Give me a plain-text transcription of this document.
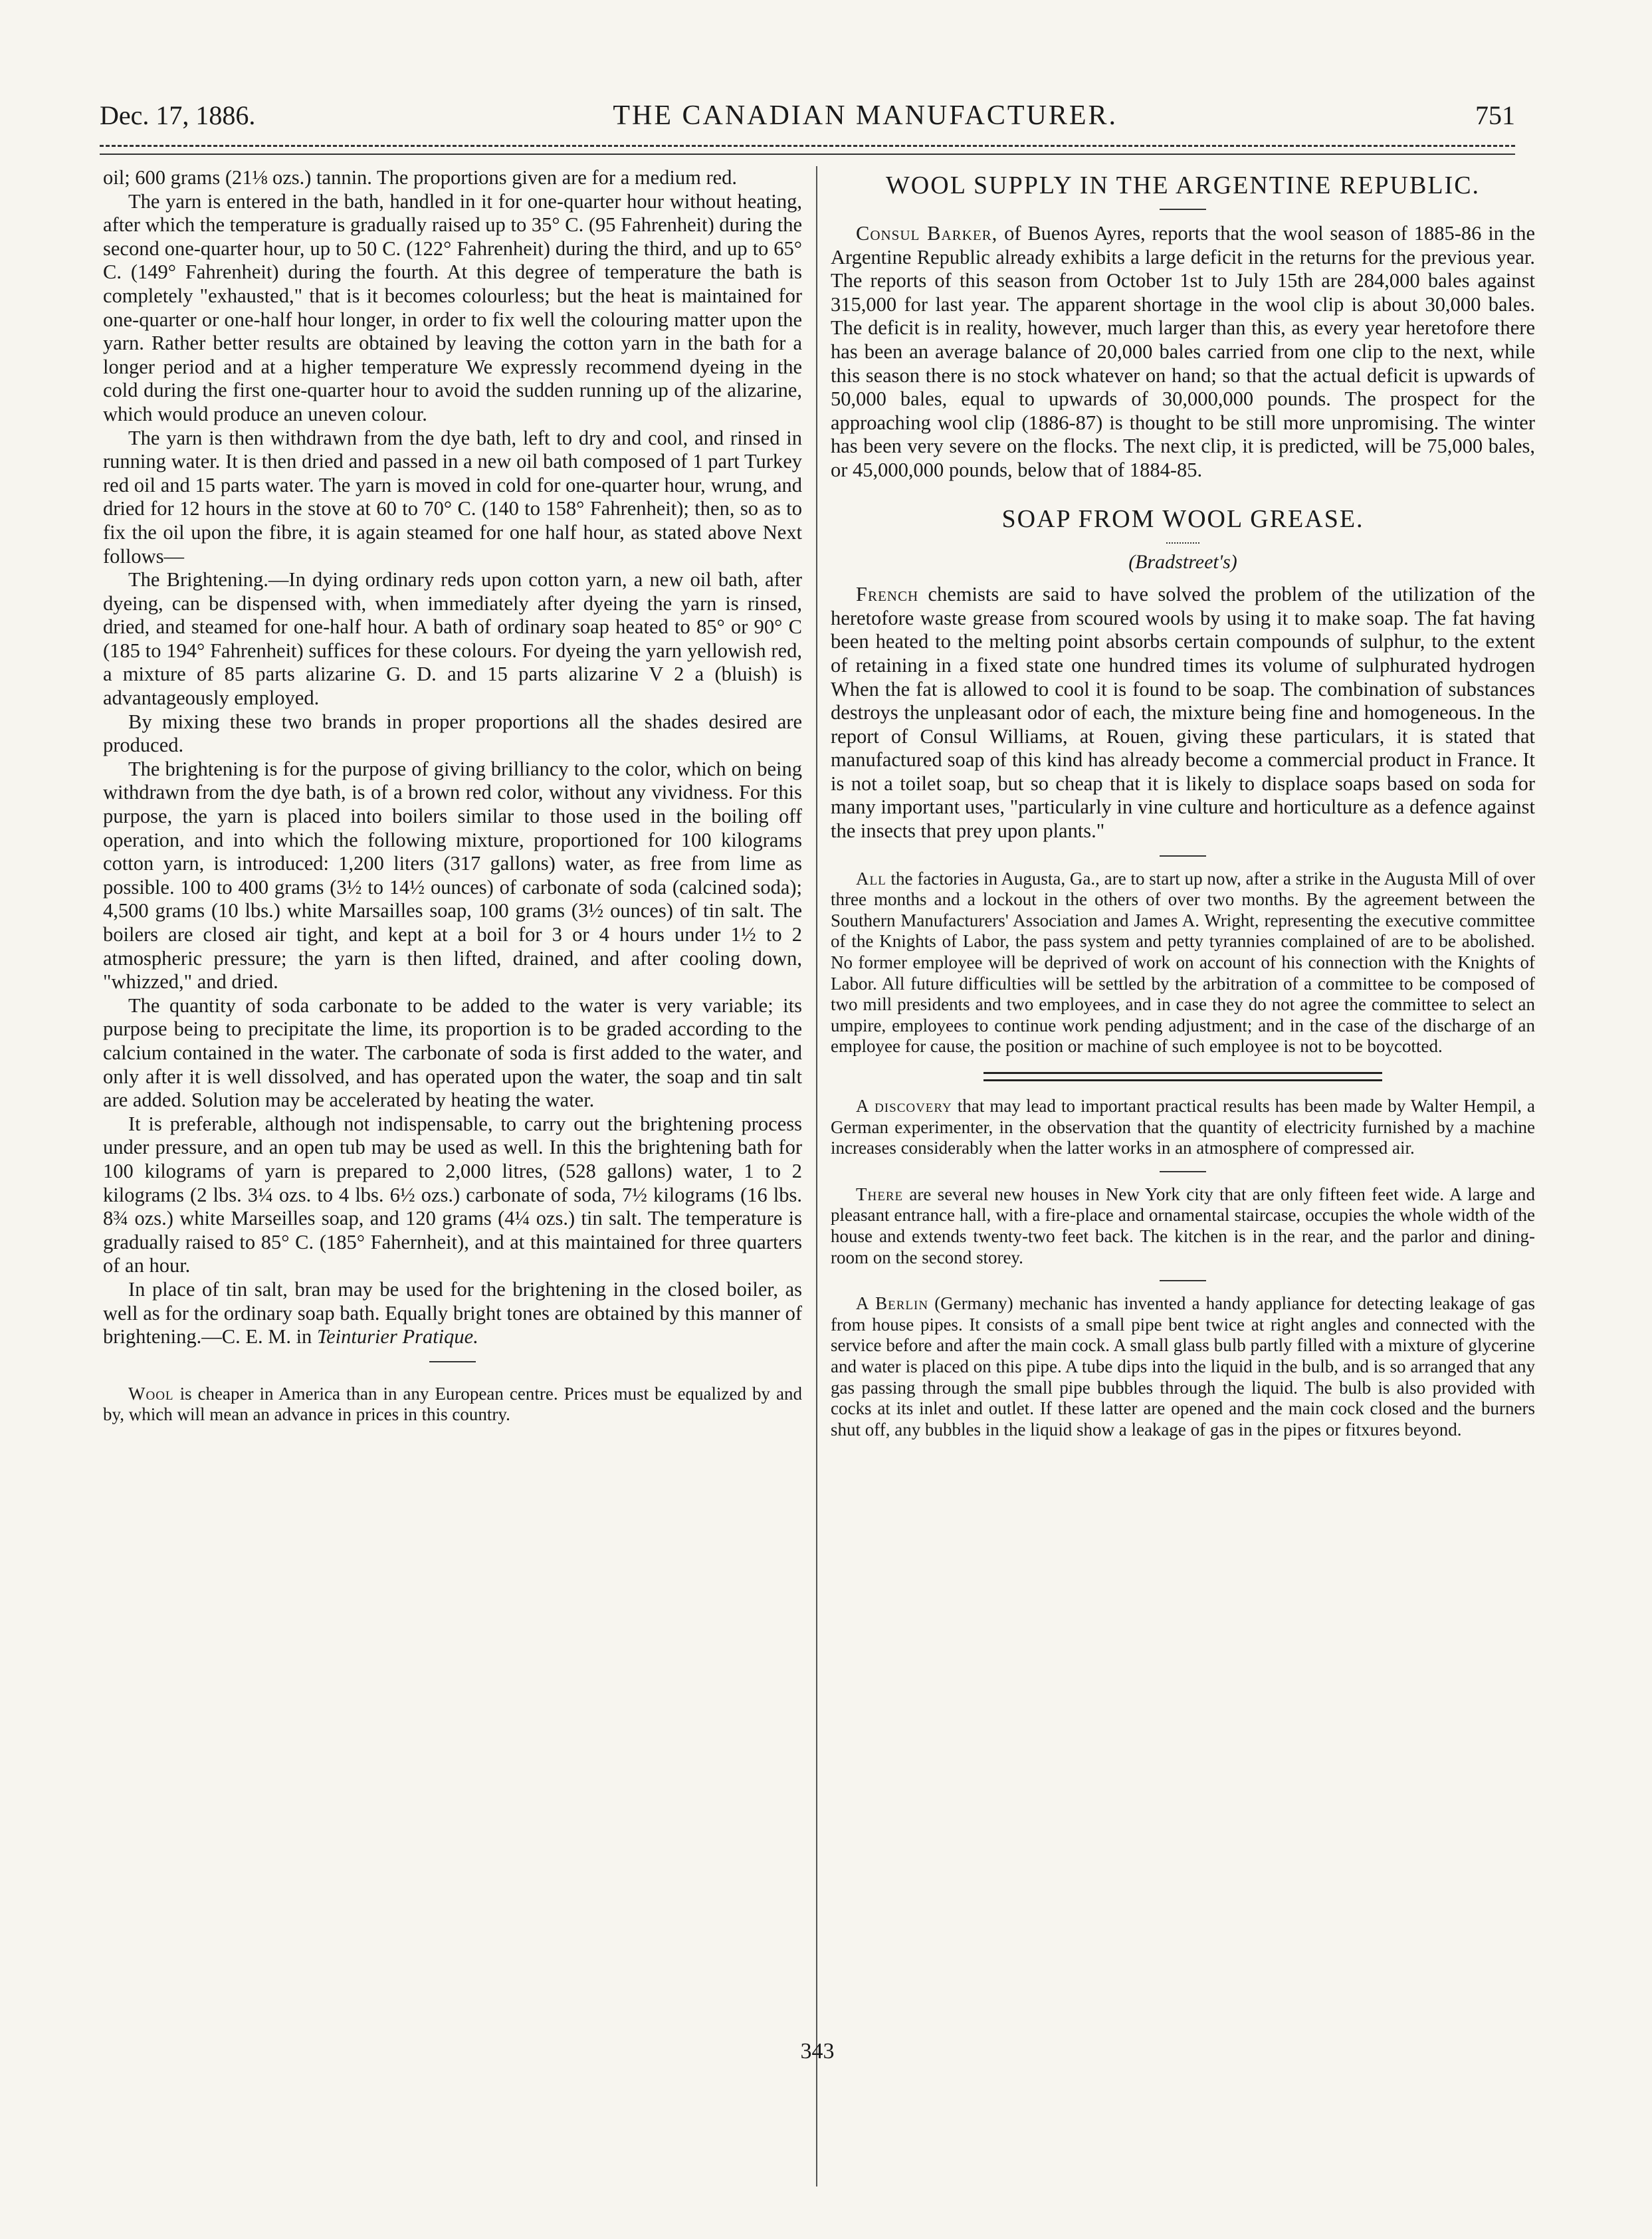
Dec. 17, 1886.	THE CANADIAN MANUFACTURER.	751

oil; 600 grams (21⅛ ozs.) tannin. The proportions given are for a medium red.

The yarn is entered in the bath, handled in it for one-quarter hour without heating, after which the temperature is gradually raised up to 35° C. (95 Fahrenheit) during the second one-quarter hour, up to 50 C. (122° Fahrenheit) during the third, and up to 65° C. (149° Fahrenheit) during the fourth. At this degree of temperature the bath is completely "exhausted," that is it becomes colourless; but the heat is maintained for one-quarter or one-half hour longer, in order to fix well the colouring matter upon the yarn. Rather better results are obtained by leaving the cotton yarn in the bath for a longer period and at a higher temperature We expressly recommend dyeing in the cold during the first one-quarter hour to avoid the sudden running up of the alizarine, which would produce an uneven colour.

The yarn is then withdrawn from the dye bath, left to dry and cool, and rinsed in running water. It is then dried and passed in a new oil bath composed of 1 part Turkey red oil and 15 parts water. The yarn is moved in cold for one-quarter hour, wrung, and dried for 12 hours in the stove at 60 to 70° C. (140 to 158° Fahrenheit); then, so as to fix the oil upon the fibre, it is again steamed for one half hour, as stated above Next follows—

The Brightening.—In dying ordinary reds upon cotton yarn, a new oil bath, after dyeing, can be dispensed with, when immediately after dyeing the yarn is rinsed, dried, and steamed for one-half hour. A bath of ordinary soap heated to 85° or 90° C (185 to 194° Fahrenheit) suffices for these colours. For dyeing the yarn yellowish red, a mixture of 85 parts alizarine G. D. and 15 parts alizarine V 2 a (bluish) is advantageously employed.

By mixing these two brands in proper proportions all the shades desired are produced.

The brightening is for the purpose of giving brilliancy to the color, which on being withdrawn from the dye bath, is of a brown red color, without any vividness. For this purpose, the yarn is placed into boilers similar to those used in the boiling off operation, and into which the following mixture, proportioned for 100 kilograms cotton yarn, is introduced: 1,200 liters (317 gallons) water, as free from lime as possible. 100 to 400 grams (3½ to 14½ ounces) of carbonate of soda (calcined soda); 4,500 grams (10 lbs.) white Marsailles soap, 100 grams (3½ ounces) of tin salt. The boilers are closed air tight, and kept at a boil for 3 or 4 hours under 1½ to 2 atmospheric pressure; the yarn is then lifted, drained, and after cooling down, "whizzed," and dried.

The quantity of soda carbonate to be added to the water is very variable; its purpose being to precipitate the lime, its proportion is to be graded according to the calcium contained in the water. The carbonate of soda is first added to the water, and only after it is well dissolved, and has operated upon the water, the soap and tin salt are added. Solution may be accelerated by heating the water.

It is preferable, although not indispensable, to carry out the brightening process under pressure, and an open tub may be used as well. In this the brightening bath for 100 kilograms of yarn is prepared to 2,000 litres, (528 gallons) water, 1 to 2 kilograms (2 lbs. 3¼ ozs. to 4 lbs. 6½ ozs.) carbonate of soda, 7½ kilograms (16 lbs. 8¾ ozs.) white Marseilles soap, and 120 grams (4¼ ozs.) tin salt. The temperature is gradually raised to 85° C. (185° Fahernheit), and at this maintained for three quarters of an hour.

In place of tin salt, bran may be used for the brightening in the closed boiler, as well as for the ordinary soap bath. Equally bright tones are obtained by this manner of brightening.—C. E. M. in Teinturier Pratique.

Wool is cheaper in America than in any European centre. Prices must be equalized by and by, which will mean an advance in prices in this country.

WOOL SUPPLY IN THE ARGENTINE REPUBLIC.

Consul Barker, of Buenos Ayres, reports that the wool season of 1885-86 in the Argentine Republic already exhibits a large deficit in the returns for the previous year. The reports of this season from October 1st to July 15th are 284,000 bales against 315,000 for last year. The apparent shortage in the wool clip is about 30,000 bales. The deficit is in reality, however, much larger than this, as every year heretofore there has been an average balance of 20,000 bales carried from one clip to the next, while this season there is no stock whatever on hand; so that the actual deficit is upwards of 50,000 bales, equal to upwards of 30,000,000 pounds. The prospect for the approaching wool clip (1886-87) is thought to be still more unpromising. The winter has been very severe on the flocks. The next clip, it is predicted, will be 75,000 bales, or 45,000,000 pounds, below that of 1884-85.

SOAP FROM WOOL GREASE.
(Bradstreet's)

French chemists are said to have solved the problem of the utilization of the heretofore waste grease from scoured wools by using it to make soap. The fat having been heated to the melting point absorbs certain compounds of sulphur, to the extent of retaining in a fixed state one hundred times its volume of sulphurated hydrogen When the fat is allowed to cool it is found to be soap. The combination of substances destroys the unpleasant odor of each, the mixture being fine and homogeneous. In the report of Consul Williams, at Rouen, giving these particulars, it is stated that manufactured soap of this kind has already become a commercial product in France. It is not a toilet soap, but so cheap that it is likely to displace soaps based on soda for many important uses, "particularly in vine culture and horticulture as a defence against the insects that prey upon plants."

All the factories in Augusta, Ga., are to start up now, after a strike in the Augusta Mill of over three months and a lockout in the others of over two months. By the agreement between the Southern Manufacturers' Association and James A. Wright, representing the executive committee of the Knights of Labor, the pass system and petty tyrannies complained of are to be abolished. No former employee will be deprived of work on account of his connection with the Knights of Labor. All future difficulties will be settled by the arbitration of a committee to be composed of two mill presidents and two employees, and in case they do not agree the committee to select an umpire, employees to continue work pending adjustment; and in the case of the discharge of an employee for cause, the position or machine of such employee is not to be boycotted.

A discovery that may lead to important practical results has been made by Walter Hempil, a German experimenter, in the observation that the quantity of electricity furnished by a machine increases considerably when the latter works in an atmosphere of compressed air.

There are several new houses in New York city that are only fifteen feet wide. A large and pleasant entrance hall, with a fire-place and ornamental staircase, occupies the whole width of the house and extends twenty-two feet back. The kitchen is in the rear, and the parlor and dining-room on the second storey.

A Berlin (Germany) mechanic has invented a handy appliance for detecting leakage of gas from house pipes. It consists of a small pipe bent twice at right angles and connected with the service before and after the main cock. A small glass bulb partly filled with a mixture of glycerine and water is placed on this pipe. A tube dips into the liquid in the bulb, and is so arranged that any gas passing through the small pipe bubbles through the liquid. The bulb is also provided with cocks at its inlet and outlet. If these latter are opened and the main cock closed and the burners shut off, any bubbles in the liquid show a leakage of gas in the pipes or fitxures beyond.

343
